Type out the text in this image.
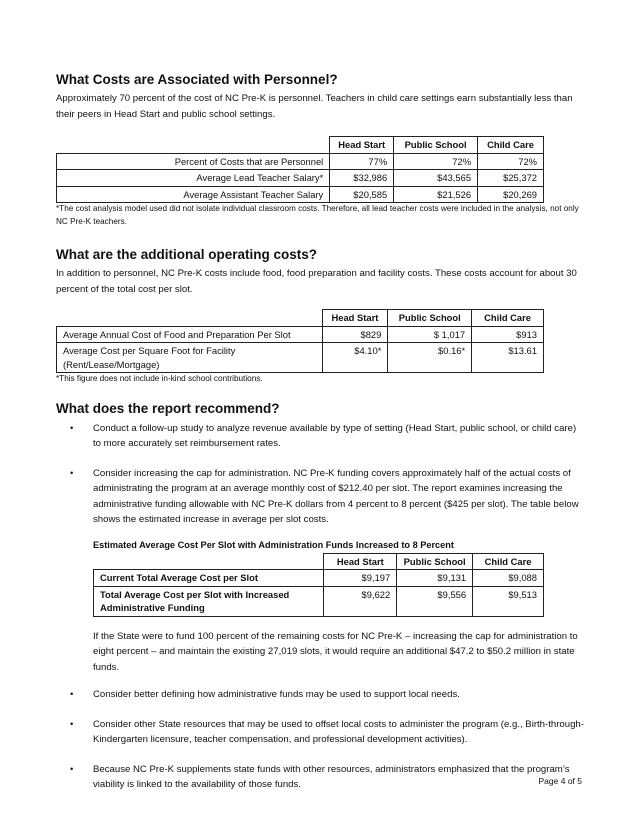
What Costs are Associated with Personnel?

Approximately 70 percent of the cost of NC Pre-K is personnel. Teachers in child care settings earn substantially less than their peers in Head Start and public school settings.

	Head Start	Public School	Child Care
Percent of Costs that are Personnel	77%	72%	72%
Average Lead Teacher Salary*	$32,986	$43,565	$25,372
Average Assistant Teacher Salary	$20,585	$21,526	$20,269

*The cost analysis model used did not isolate individual classroom costs. Therefore, all lead teacher costs were included in the analysis, not only NC Pre-K teachers.

What are the additional operating costs?

In addition to personnel, NC Pre-K costs include food, food preparation and facility costs. These costs account for about 30 percent of the total cost per slot.

	Head Start	Public School	Child Care
Average Annual Cost of Food and Preparation Per Slot	$829	$ 1,017	$913
Average Cost per Square Foot for Facility (Rent/Lease/Mortgage)	$4.10*	$0.16*	$13.61

*This figure does not include in-kind school contributions.

What does the report recommend?
• Conduct a follow-up study to analyze revenue available by type of setting (Head Start, public school, or child care) to more accurately set reimbursement rates.
• Consider increasing the cap for administration. NC Pre-K funding covers approximately half of the actual costs of administrating the program at an average monthly cost of $212.40 per slot. The report examines increasing the administrative funding allowable with NC Pre-K dollars from 4 percent to 8 percent ($425 per slot). The table below shows the estimated increase in average per slot costs.
Estimated Average Cost Per Slot with Administration Funds Increased to 8 Percent
	Head Start	Public School	Child Care
Current Total Average Cost per Slot	$9,197	$9,131	$9,088
Total Average Cost per Slot with Increased Administrative Funding	$9,622	$9,556	$9,513

If the State were to fund 100 percent of the remaining costs for NC Pre-K – increasing the cap for administration to eight percent – and maintain the existing 27,019 slots, it would require an additional $47.2 to $50.2 million in state funds.

• Consider better defining how administrative funds may be used to support local needs.
• Consider other State resources that may be used to offset local costs to administer the program (e.g., Birth-through-Kindergarten licensure, teacher compensation, and professional development activities).
• Because NC Pre-K supplements state funds with other resources, administrators emphasized that the program’s viability is linked to the availability of those funds.	Page 4 of 5
